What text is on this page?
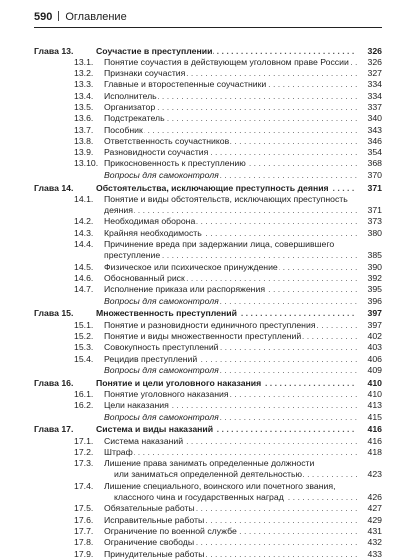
590 Оглавление
Глава 13.	Соучастие в преступлении . . .	326
13.1. Понятие соучастия в действующем уголовном праве России . . .	326
13.2. Признаки соучастия . . .	327
13.3. Главные и второстепенные соучастники . . .	334
13.4. Исполнитель . . .	334
13.5. Организатор . . .	337
13.6. Подстрекатель . . .	340
13.7. Пособник . . .	343
13.8. Ответственность соучастников . . .	346
13.9. Разновидности соучастия . . .	354
13.10. Прикосновенность к преступлению . . .	368
Вопросы для самоконтроля . . .	370
Глава 14.	Обстоятельства, исключающие преступность деяния . . .	371
14.1. Понятие и виды обстоятельств, исключающих преступность
деяния . . .	371
14.2. Необходимая оборона . . .	373
14.3. Крайняя необходимость . . .	380
14.4. Причинение вреда при задержании лица, совершившего
преступление . . .	385
14.5. Физическое или психическое принуждение . . .	390
14.6. Обоснованный риск . . .	392
14.7. Исполнение приказа или распоряжения . . .	395
Вопросы для самоконтроля . . .	396
Глава 15.	Множественность преступлений . . .	397
15.1. Понятие и разновидности единичного преступления . . .	397
15.2. Понятие и виды множественности преступлений . . .	402
15.3. Совокупность преступлений . . .	403
15.4. Рецидив преступлений . . .	406
Вопросы для самоконтроля . . .	409
Глава 16.	Понятие и цели уголовного наказания . . .	410
16.1. Понятие уголовного наказания . . .	410
16.2. Цели наказания . . .	413
Вопросы для самоконтроля . . .	415
Глава 17.	Система и виды наказаний . . .	416
17.1. Система наказаний . . .	416
17.2. Штраф . . .	418
17.3. Лишение права занимать определенные должности
или заниматься определенной деятельностью . . .	423
17.4. Лишение специального, воинского или почетного звания,
классного чина и государственных наград . . .	426
17.5. Обязательные работы . . .	427
17.6. Исправительные работы . . .	429
17.7. Ограничение по военной службе . . .	431
17.8. Ограничение свободы . . .	432
17.9. Принудительные работы . . .	433
